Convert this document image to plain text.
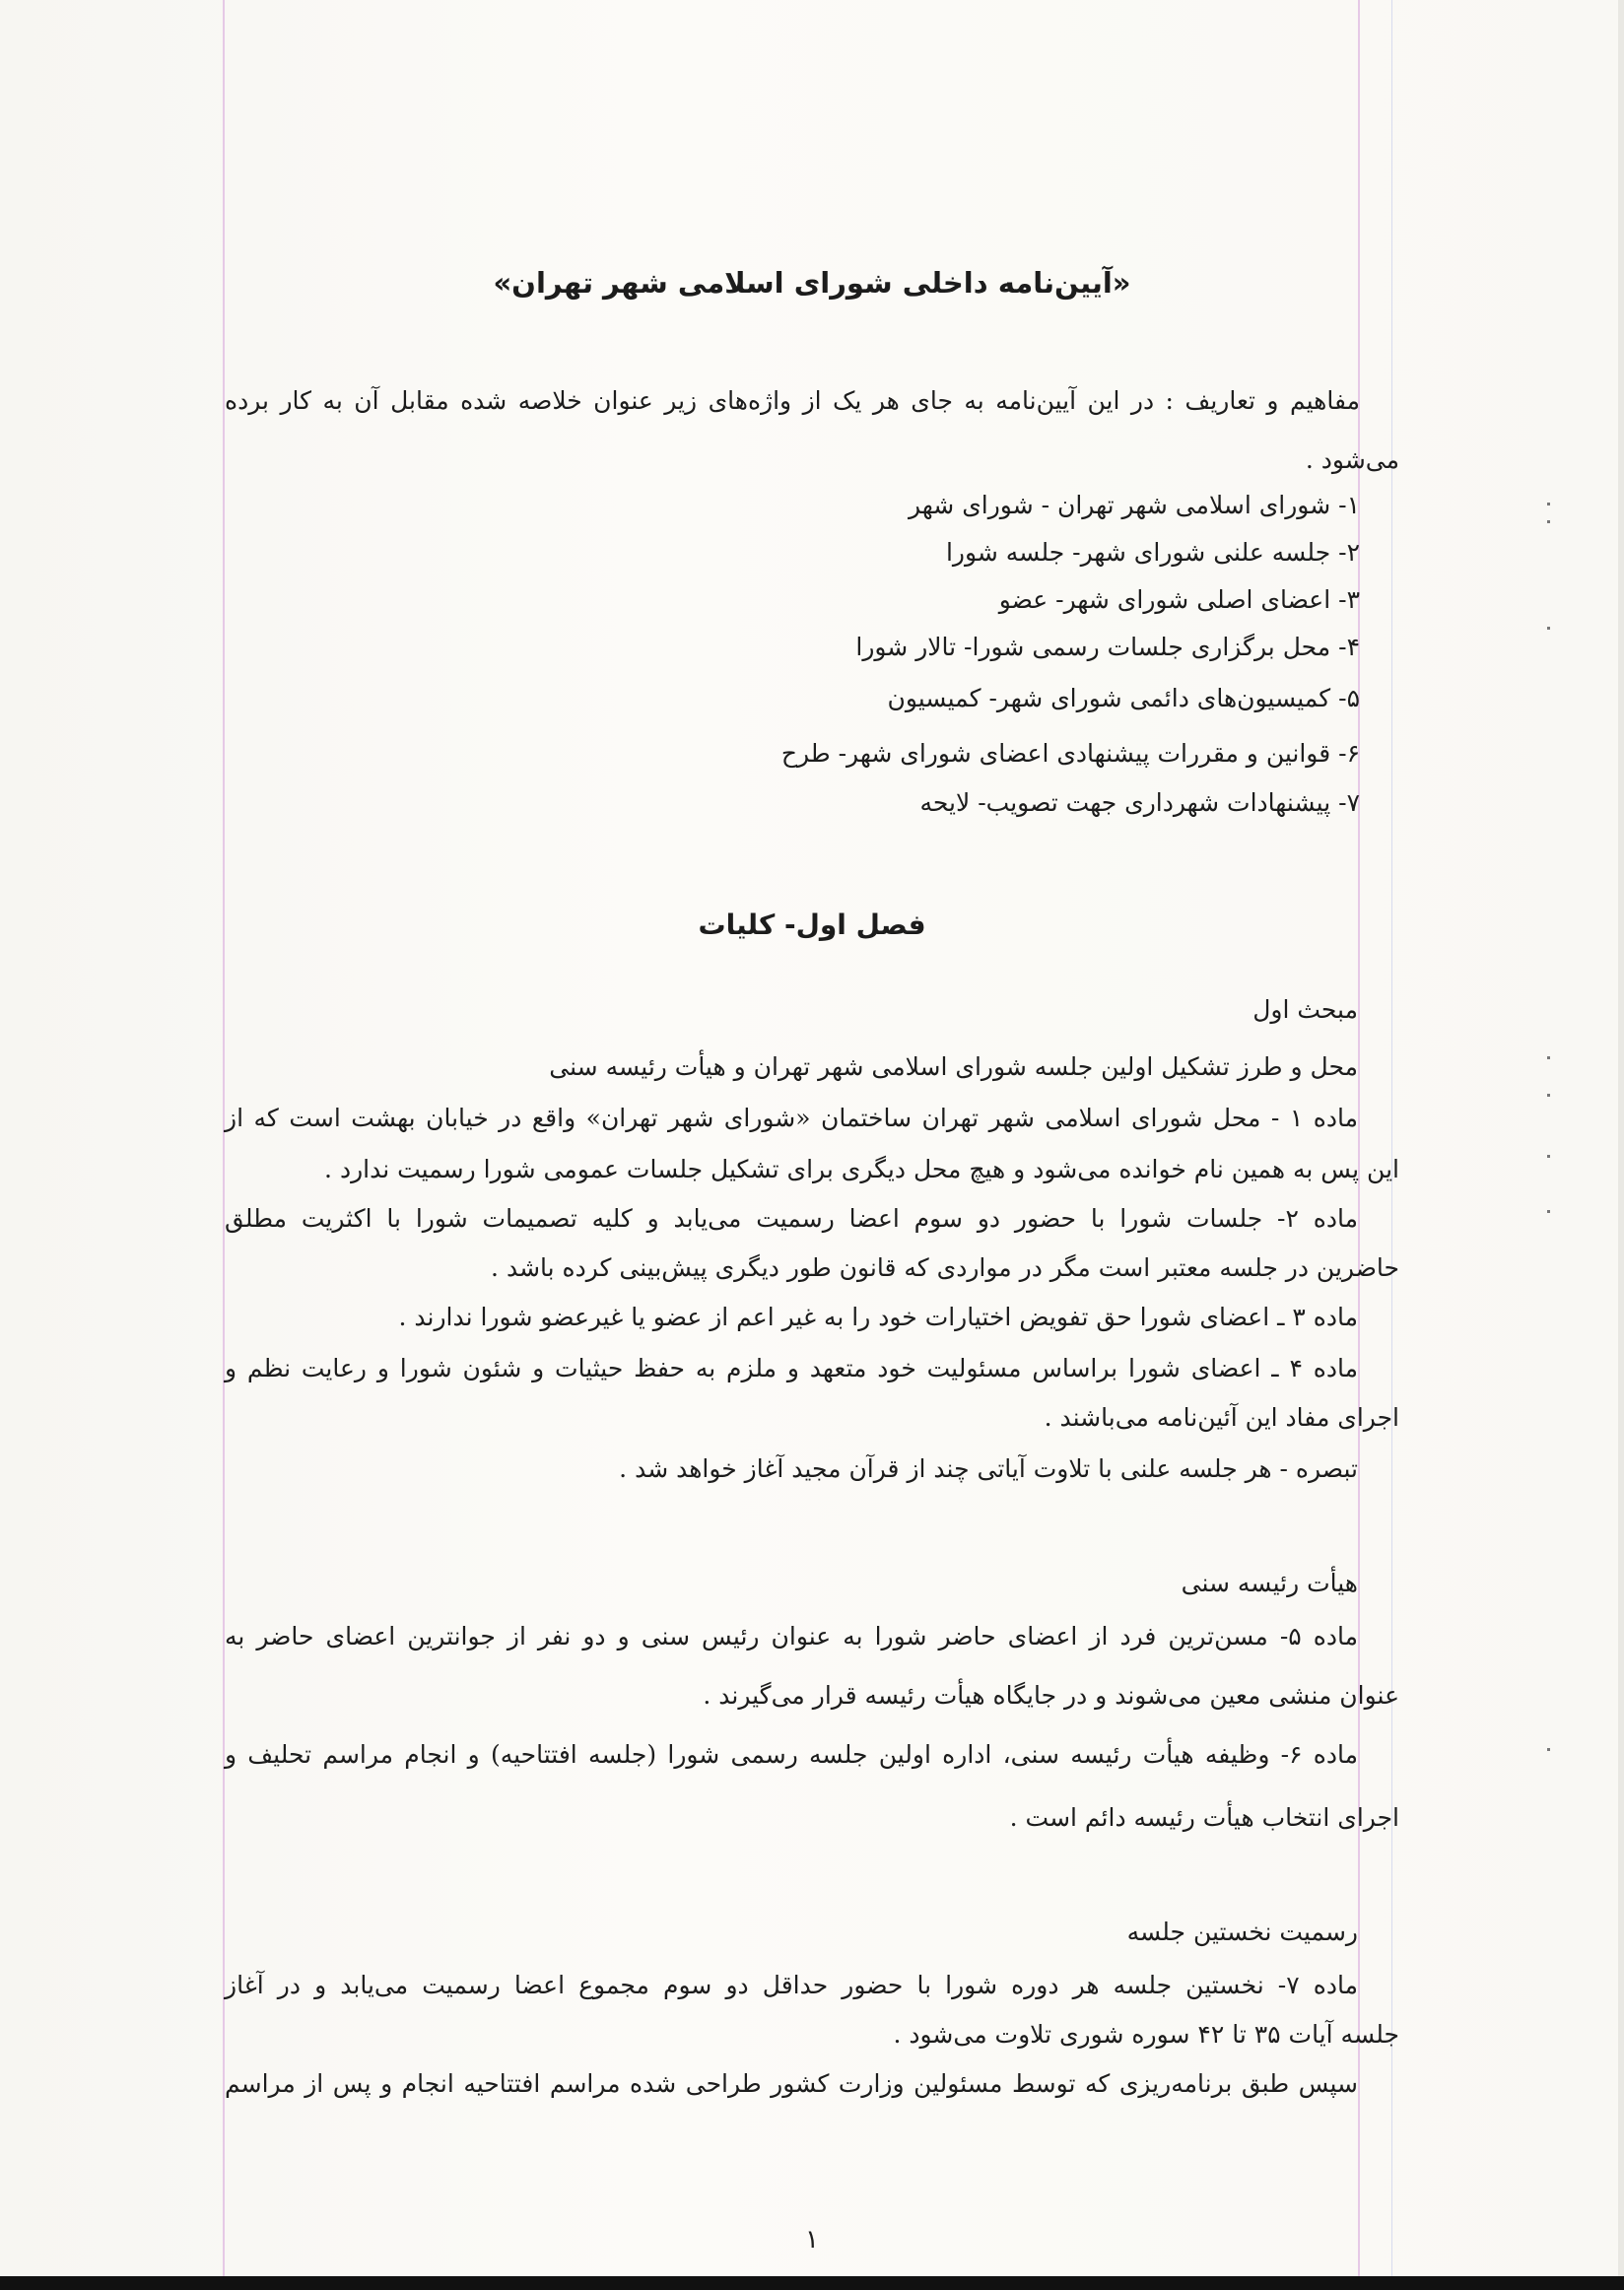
«آیین‌نامه داخلی شورای اسلامی شهر تهران»
مفاهیم و تعاریف : در این آیین‌نامه به جای هر یک از واژه‌های زیر عنوان خلاصه شده مقابل آن به کار برده
می‌شود .
۱- شورای اسلامی شهر تهران - شورای شهر
۲- جلسه علنی شورای شهر- جلسه شورا
۳- اعضای اصلی شورای شهر- عضو
۴- محل برگزاری جلسات رسمی شورا- تالار شورا
۵- کمیسیون‌های دائمی شورای شهر- کمیسیون
۶- قوانین و مقررات پیشنهادی اعضای شورای شهر- طرح
۷- پیشنهادات شهرداری جهت تصویب- لایحه
فصل اول- کلیات
مبحث اول
محل و طرز تشکیل اولین جلسه شورای اسلامی شهر تهران و هیأت رئیسه سنی
ماده ۱ - محل شورای اسلامی شهر تهران ساختمان «شورای شهر تهران» واقع در خیابان بهشت است که از
این پس به همین نام خوانده می‌شود و هیچ محل دیگری برای تشکیل جلسات عمومی شورا رسمیت ندارد .
ماده ۲- جلسات شورا با حضور دو سوم اعضا رسمیت می‌یابد و کلیه تصمیمات شورا با اکثریت مطلق
حاضرین در جلسه معتبر است مگر در مواردی که قانون طور دیگری پیش‌بینی کرده باشد .
ماده ۳ ـ اعضای شورا حق تفویض اختیارات خود را به غیر اعم از عضو یا غیرعضو شورا ندارند .
ماده ۴ ـ اعضای شورا براساس مسئولیت خود متعهد و ملزم به حفظ حیثیات و شئون شورا و رعایت نظم و
اجرای مفاد این آئین‌نامه می‌باشند .
تبصره - هر جلسه علنی با تلاوت آیاتی چند از قرآن مجید آغاز خواهد شد .
هیأت رئیسه سنی
ماده ۵- مسن‌ترین فرد از اعضای حاضر شورا به عنوان رئیس سنی و دو نفر از جوانترین اعضای حاضر به
عنوان منشی معین می‌شوند و در جایگاه هیأت رئیسه قرار می‌گیرند .
ماده ۶- وظیفه هیأت رئیسه سنی، اداره اولین جلسه رسمی شورا (جلسه افتتاحیه) و انجام مراسم تحلیف و
اجرای انتخاب هیأت رئیسه دائم است .
رسمیت نخستین جلسه
ماده ۷- نخستین جلسه هر دوره شورا با حضور حداقل دو سوم مجموع اعضا رسمیت می‌یابد و در آغاز
جلسه آیات ۳۵ تا ۴۲ سوره شوری تلاوت می‌شود .
سپس طبق برنامه‌ریزی که توسط مسئولین وزارت کشور طراحی شده مراسم افتتاحیه انجام و پس از مراسم
۱
